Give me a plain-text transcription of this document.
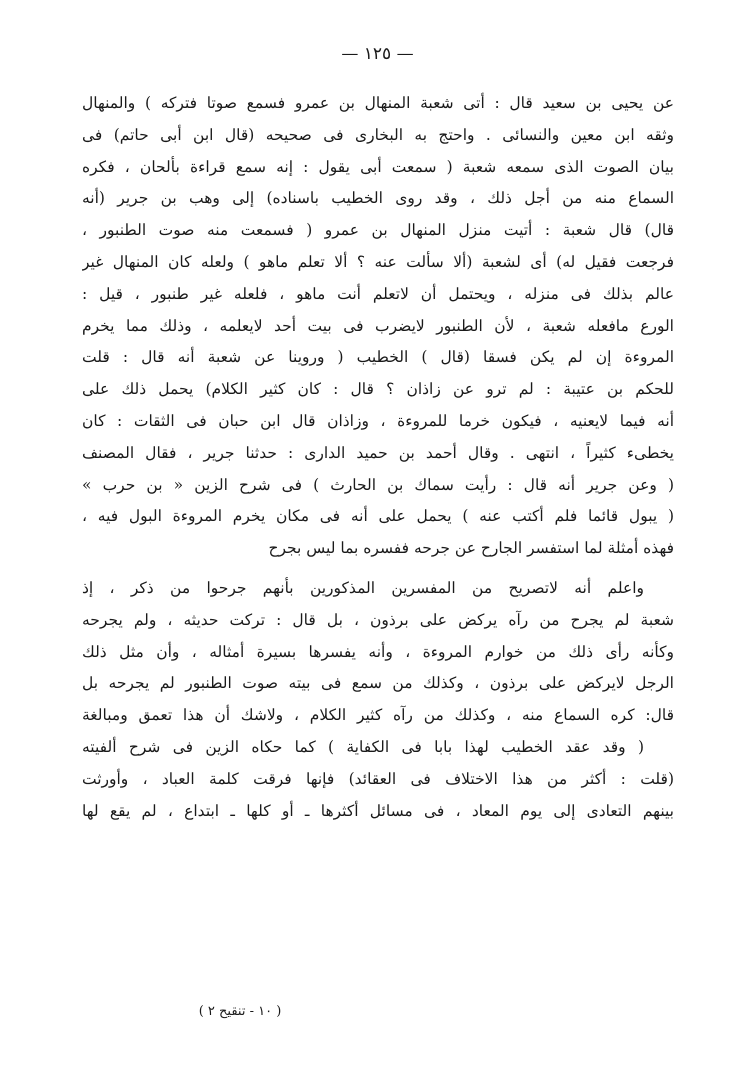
— ١٢٥ —
عن يحيى بن سعيد قال : أتى شعبة المنهال بن عمرو فسمع صوتا فتركه ) والمنهال
وثقه ابن معين والنسائى . واحتج به البخارى فى صحيحه (قال ابن أبى حاتم) فى
بيان الصوت الذى سمعه شعبة ( سمعت أبى يقول : إنه سمع قراءة بألحان ، فكره
السماع منه من أجل ذلك ، وقد روى الخطيب باسناده) إلى وهب بن جرير (أنه
قال) قال شعبة : أتيت منزل المنهال بن عمرو ( فسمعت منه صوت الطنبور ،
فرجعت فقيل له) أى لشعبة (ألا سألت عنه ؟ ألا تعلم ماهو ) ولعله كان المنهال غير
عالم بذلك فى منزله ، ويحتمل أن لاتعلم أنت ماهو ، فلعله غير طنبور ، قيل :
الورع مافعله شعبة ، لأن الطنبور لايضرب فى بيت أحد لايعلمه ، وذلك مما يخرم
المروءة إن لم يكن فسقا (قال ) الخطيب ( وروينا عن شعبة أنه قال : قلت
للحكم بن عتيبة : لم ترو عن زاذان ؟ قال : كان كثير الكلام) يحمل ذلك على
أنه فيما لايعنيه ، فيكون خرما للمروءة ، وزاذان قال ابن حبان فى الثقات : كان
يخطىء كثيراً ، انتهى . وقال أحمد بن حميد الدارى : حدثنا جرير ، فقال المصنف
( وعن جرير أنه قال : رأيت سماك بن الحارث ) فى شرح الزين « بن حرب »
( يبول قائما فلم أكتب عنه ) يحمل على أنه فى مكان يخرم المروءة البول فيه ،
فهذه أمثلة لما استفسر الجارح عن جرحه ففسره بما ليس بجرح
واعلم أنه لاتصريح من المفسرين المذكورين بأنهم جرحوا من ذكر ، إذ
شعبة لم يجرح من رآه يركض على برذون ، بل قال : تركت حديثه ، ولم يجرحه
وكأنه رأى ذلك من خوارم المروءة ، وأنه يفسرها بسيرة أمثاله ، وأن مثل ذلك
الرجل لايركض على برذون ، وكذلك من سمع فى بيته صوت الطنبور لم يجرحه بل
قال: كره السماع منه ، وكذلك من رآه كثير الكلام ، ولاشك أن هذا تعمق ومبالغة
( وقد عقد الخطيب لهذا بابا فى الكفاية ) كما حكاه الزين فى شرح ألفيته
(قلت : أكثر من هذا الاختلاف فى العقائد) فإنها فرقت كلمة العباد ، وأورثت
بينهم التعادى إلى يوم المعاد ، فى مسائل أكثرها ـ أو كلها ـ ابتداع ، لم يقع لها
( ١٠ - تنقيح ٢ )
